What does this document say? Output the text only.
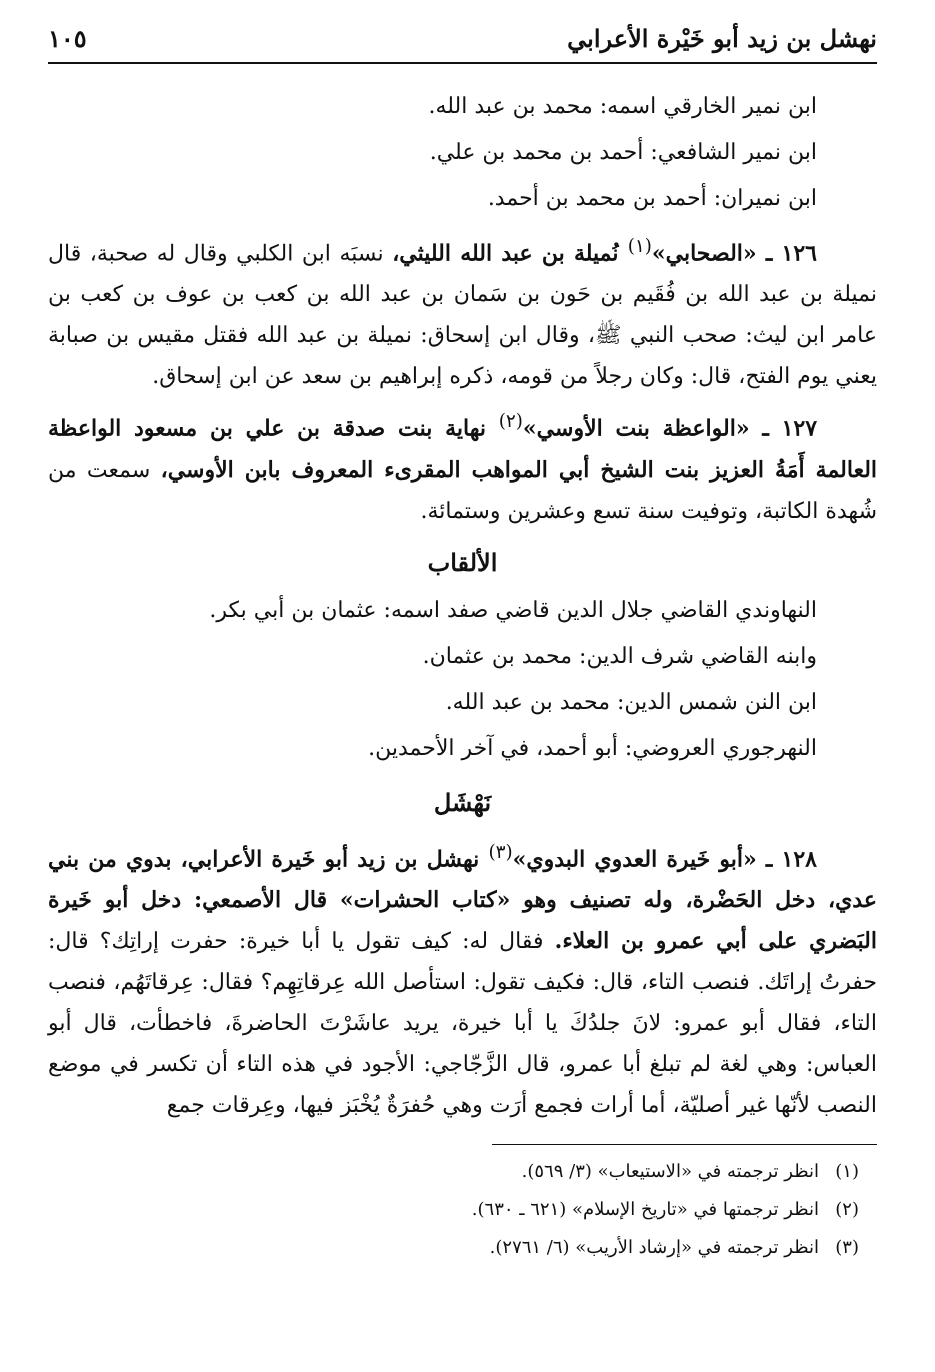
نهشل بن زيد أبو خَيْرة الأعرابي
١٠٥

ابن نمير الخارقي اسمه: محمد بن عبد الله.

ابن نمير الشافعي: أحمد بن محمد بن علي.

ابن نميران: أحمد بن محمد بن أحمد.

١٢٦ ـ «الصحابي»$^{(١)}$ نُميلة بن عبد الله الليثي، نسبَه ابن الكلبي وقال له صحبة، قال نميلة بن عبد الله بن فُقَيم بن حَون بن سَمان بن عبد الله بن كعب بن عوف بن كعب بن عامر ابن ليث: صحب النبي ﷺ، وقال ابن إسحاق: نميلة بن عبد الله فقتل مقيس بن صبابة يعني يوم الفتح، قال: وكان رجلاً من قومه، ذكره إبراهيم بن سعد عن ابن إسحاق.

١٢٧ ـ «الواعظة بنت الأوسي»$^{(٢)}$ نهاية بنت صدقة بن علي بن مسعود الواعظة العالمة أَمَةُ العزيز بنت الشيخ أبي المواهب المقرىء المعروف بابن الأوسي، سمعت من شُهدة الكاتبة، وتوفيت سنة تسع وعشرين وستمائة.

الألقاب

النهاوندي القاضي جلال الدين قاضي صفد اسمه: عثمان بن أبي بكر.

وابنه القاضي شرف الدين: محمد بن عثمان.

ابن النن شمس الدين: محمد بن عبد الله.

النهرجوري العروضي: أبو أحمد، في آخر الأحمدين.

نَهْشَل

١٢٨ ـ «أبو خَيرة العدوي البدوي»$^{(٣)}$ نهشل بن زيد أبو خَيرة الأعرابي، بدوي من بني عدي، دخل الحَضْرة، وله تصنيف وهو «كتاب الحشرات» قال الأصمعي: دخل أبو خَيرة البَضري على أبي عمرو بن العلاء. فقال له: كيف تقول يا أبا خيرة: حفرت إراتِك؟ قال: حفرتُ إراتَك. فنصب التاء، قال: فكيف تقول: استأصل الله عِرقاتِهِم؟ فقال: عِرقاتَهُم، فنصب التاء، فقال أبو عمرو: لانَ جلدُكَ يا أبا خيرة، يريد عاشَرْتَ الحاضرةَ، فاخطأت، قال أبو العباس: وهي لغة لم تبلغ أبا عمرو، قال الزَّجّاجي: الأجود في هذه التاء أن تكسر في موضع النصب لأنّها غير أصليّة، أما أرات فجمع أرَت وهي حُفرَةٌ يُخْبَز فيها، وعِرقات جمع

(١)انظر ترجمته في «الاستيعاب» (٣/ ٥٦٩).
(٢)انظر ترجمتها في «تاريخ الإسلام» (٦٢١ ـ ٦٣٠).
(٣)انظر ترجمته في «إرشاد الأريب» (٦/ ٢٧٦١).
